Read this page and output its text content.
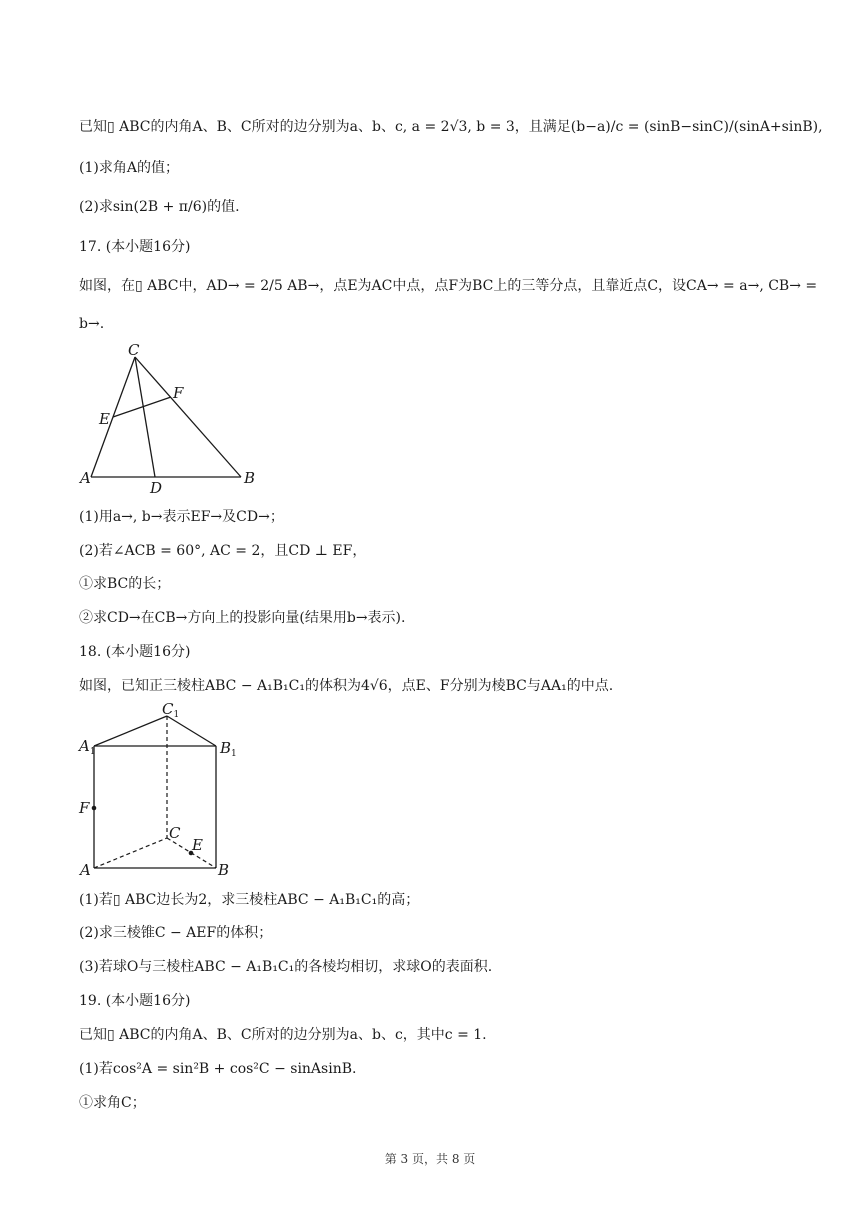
已知▯ ABC的内角A、B、C所对的边分别为a、b、c, a = 2√3, b = 3，且满足(b−a)/c = (sinB−sinC)/(sinA+sinB),
(1)求角A的值；
(2)求sin(2B + π/6)的值.
17. (本小题16分)
如图，在▯ ABC中，AD→ = 2/5 AB→，点E为AC中点，点F为BC上的三等分点，且靠近点C，设CA→ = a→, CB→ =
b→.
C
F
E
A
D
B
(1)用a→, b→表示EF→及CD→；
(2)若∠ACB = 60°, AC = 2，且CD ⊥ EF，
①求BC的长；
②求CD→在CB→方向上的投影向量(结果用b→表示).
18. (本小题16分)
如图，已知正三棱柱ABC − A₁B₁C₁的体积为4√6，点E、F分别为棱BC与AA₁的中点.
$C_1$
$A_1$	$B_1$
F
C
E
A	B
(1)若▯ ABC边长为2，求三棱柱ABC − A₁B₁C₁的高；
(2)求三棱锥C − AEF的体积；
(3)若球O与三棱柱ABC − A₁B₁C₁的各棱均相切，求球O的表面积.
19. (本小题16分)
已知▯ ABC的内角A、B、C所对的边分别为a、b、c，其中c = 1.
(1)若cos²A = sin²B + cos²C − sinAsinB.
①求角C；
第 3 页，共 8 页
